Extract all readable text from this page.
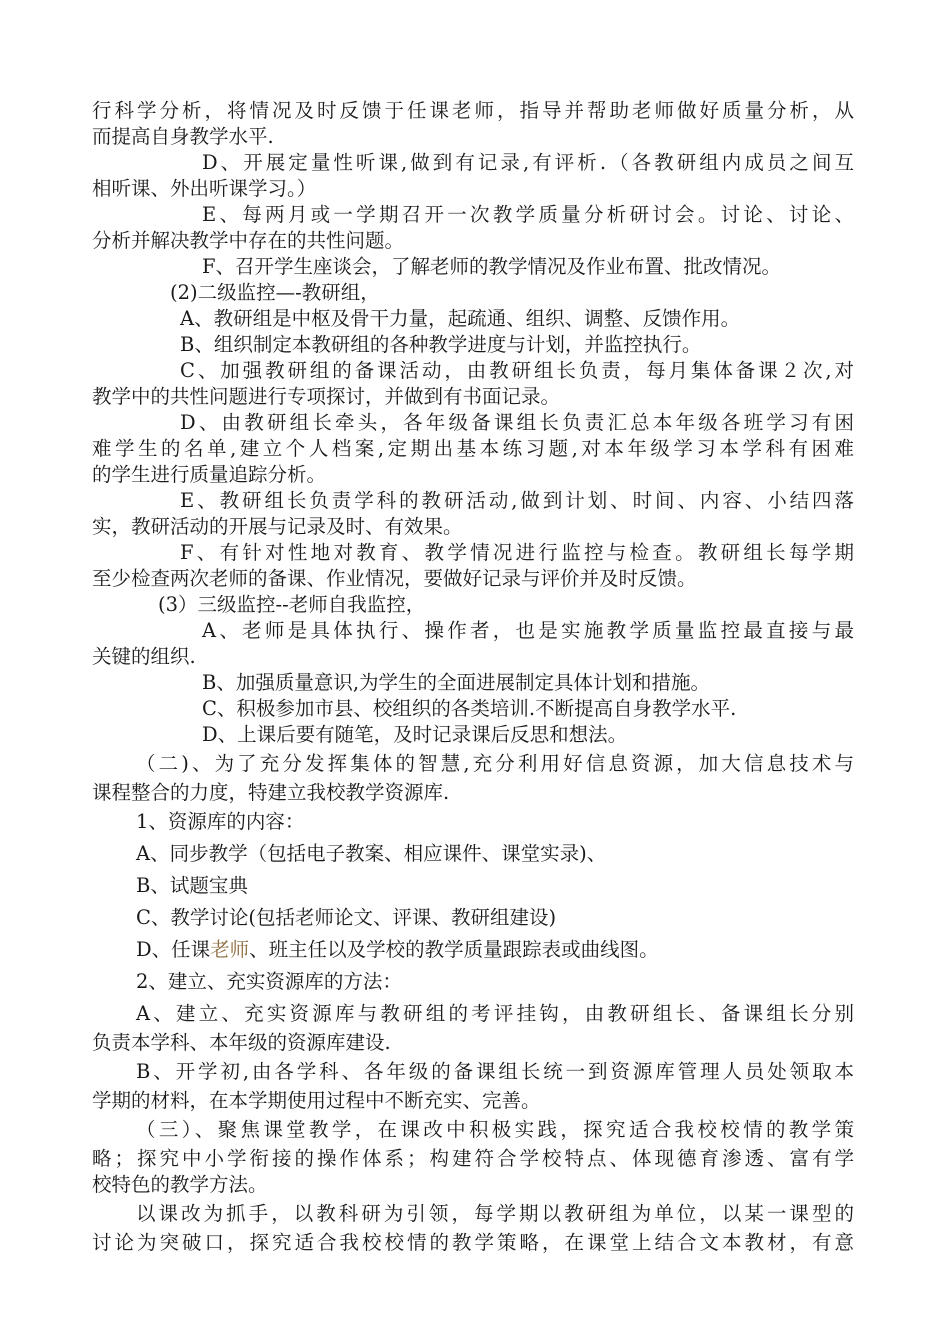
行科学分析，将情况及时反馈于任课老师，指导并帮助老师做好质量分析，从
而提高自身教学水平.
D、开展定量性听课,做到有记录,有评析.（各教研组内成员之间互
相听课、外出听课学习。）
E、每两月或一学期召开一次教学质量分析研讨会。讨论、讨论、
分析并解决教学中存在的共性问题。
F、召开学生座谈会，了解老师的教学情况及作业布置、批改情况。
(2)二级监控—-教研组，
A、教研组是中枢及骨干力量，起疏通、组织、调整、反馈作用。
B、组织制定本教研组的各种教学进度与计划，并监控执行。
C、加强教研组的备课活动，由教研组长负责，每月集体备课２次,对
教学中的共性问题进行专项探讨，并做到有书面记录。
D、由教研组长牵头，各年级备课组长负责汇总本年级各班学习有困
难学生的名单,建立个人档案,定期出基本练习题,对本年级学习本学科有困难
的学生进行质量追踪分析。
E、教研组长负责学科的教研活动,做到计划、时间、内容、小结四落
实，教研活动的开展与记录及时、有效果。
F、有针对性地对教育、教学情况进行监控与检查。教研组长每学期
至少检查两次老师的备课、作业情况，要做好记录与评价并及时反馈。
(3）三级监控--老师自我监控，
A、老师是具体执行、操作者，也是实施教学质量监控最直接与最
关键的组织.
B、加强质量意识,为学生的全面进展制定具体计划和措施。
C、积极参加市县、校组织的各类培训.不断提高自身教学水平.
D、上课后要有随笔，及时记录课后反思和想法。
（二)、为了充分发挥集体的智慧,充分利用好信息资源，加大信息技术与
课程整合的力度，特建立我校教学资源库.
1、资源库的内容：
A、同步教学（包括电子教案、相应课件、课堂实录)、
B、试题宝典
C、教学讨论(包括老师论文、评课、教研组建设)
D、任课老师、班主任以及学校的教学质量跟踪表或曲线图。
2、建立、充实资源库的方法：
A、建立、充实资源库与教研组的考评挂钩，由教研组长、备课组长分别
负责本学科、本年级的资源库建设.
B、开学初,由各学科、各年级的备课组长统一到资源库管理人员处领取本
学期的材料，在本学期使用过程中不断充实、完善。
（三）、聚焦课堂教学，在课改中积极实践，探究适合我校校情的教学策
略；探究中小学衔接的操作体系；构建符合学校特点、体现德育渗透、富有学
校特色的教学方法。
以课改为抓手，以教科研为引领，每学期以教研组为单位，以某一课型的
讨论为突破口，探究适合我校校情的教学策略，在课堂上结合文本教材，有意
